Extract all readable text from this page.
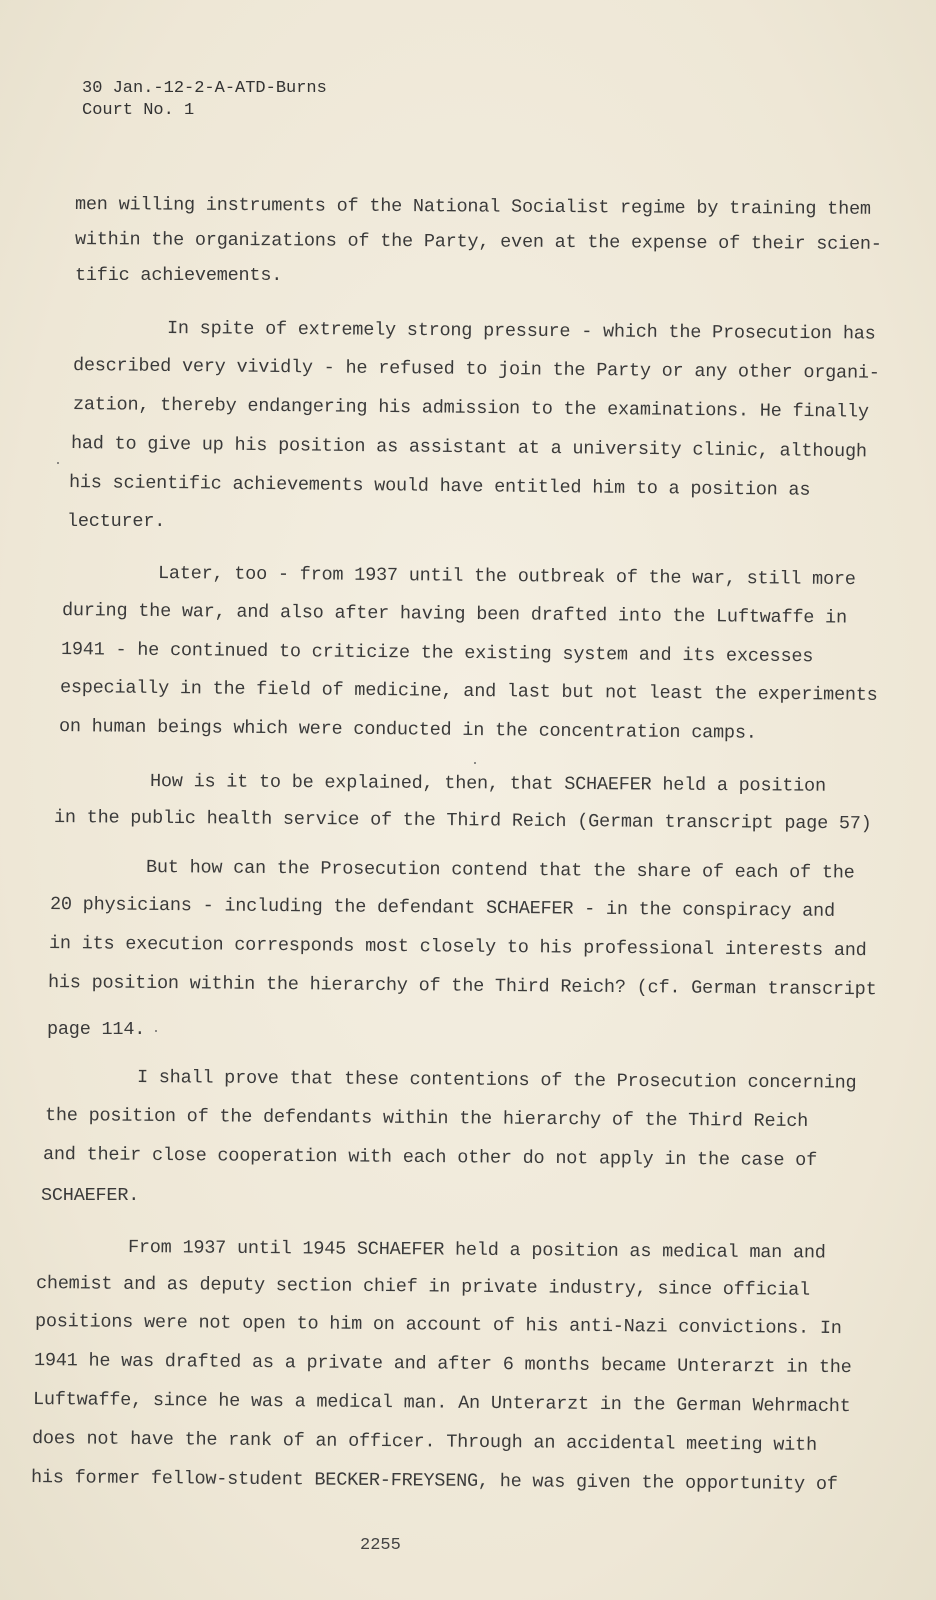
30 Jan.-12-2-A-ATD-Burns
Court No. 1
men willing instruments of the National Socialist regime by training them
within the organizations of the Party, even at the expense of their scien-
tific achievements.
In spite of extremely strong pressure - which the Prosecution has
described very vividly - he refused to join the Party or any other organi-
zation, thereby endangering his admission to the examinations. He finally
had to give up his position as assistant at a university clinic, although
his scientific achievements would have entitled him to a position as
lecturer.
Later, too - from 1937 until the outbreak of the war, still more
during the war, and also after having been drafted into the Luftwaffe in
1941 - he continued to criticize the existing system and its excesses
especially in the field of medicine, and last but not least the experiments
on human beings which were conducted in the concentration camps.
How is it to be explained, then, that SCHAEFER held a position
in the public health service of the Third Reich (German transcript page 57)
But how can the Prosecution contend that the share of each of the
20 physicians - including the defendant SCHAEFER - in the conspiracy and
in its execution corresponds most closely to his professional interests and
his position within the hierarchy of the Third Reich? (cf. German transcript
page 114.
I shall prove that these contentions of the Prosecution concerning
the position of the defendants within the hierarchy of the Third Reich
and their close cooperation with each other do not apply in the case of
SCHAEFER.
From 1937 until 1945 SCHAEFER held a position as medical man and
chemist and as deputy section chief in private industry, since official
positions were not open to him on account of his anti-Nazi convictions. In
1941 he was drafted as a private and after 6 months became Unterarzt in the
Luftwaffe, since he was a medical man. An Unterarzt in the German Wehrmacht
does not have the rank of an officer. Through an accidental meeting with
his former fellow-student BECKER-FREYSENG, he was given the opportunity of
2255
